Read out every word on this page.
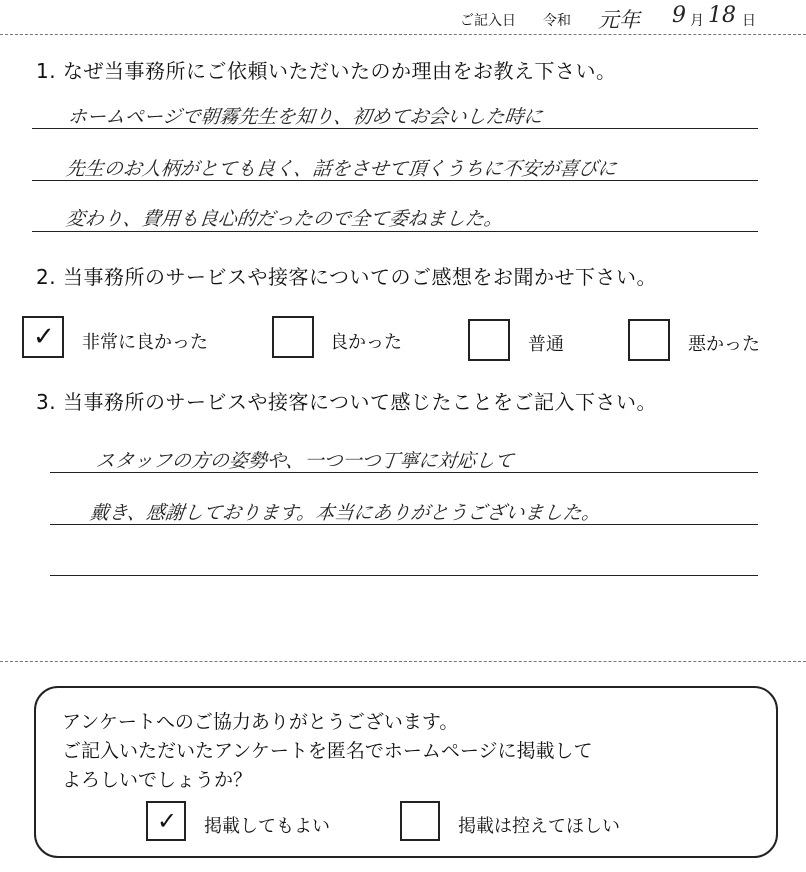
ご記入日 令和 元年 9 月 18 日
1. なぜ当事務所にご依頼いただいたのか理由をお教え下さい。
ホームページで朝霧先生を知り、初めてお会いした時に
先生のお人柄がとても良く、話をさせて頂くうちに不安が喜びに
変わり、費用も良心的だったので全て委ねました。
2. 当事務所のサービスや接客についてのご感想をお聞かせ下さい。
✓ 非常に良かった	良かった	普通	悪かった
3. 当事務所のサービスや接客について感じたことをご記入下さい。
スタッフの方の姿勢や、一つ一つ丁寧に対応して
戴き、感謝しております。本当にありがとうございました。
アンケートへのご協力ありがとうございます。
ご記入いただいたアンケートを匿名でホームページに掲載して
よろしいでしょうか？
✓ 掲載してもよい	掲載は控えてほしい
